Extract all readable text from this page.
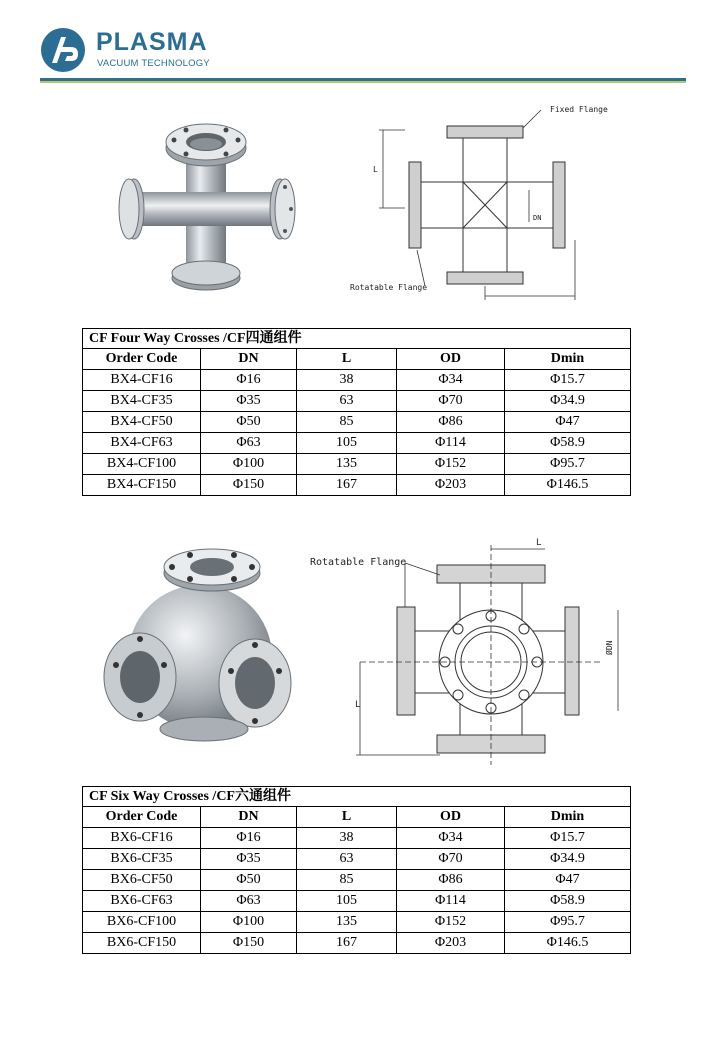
PLASMA
VACUUM TECHNOLOGY
Fixed Flange
Rotatable Flange
L
DN
CF Four Way Crosses /CF四通组件				
Order Code	DN	L	OD	Dmin
BX4-CF16	Φ16	38	Φ34	Φ15.7
BX4-CF35	Φ35	63	Φ70	Φ34.9
BX4-CF50	Φ50	85	Φ86	Φ47
BX4-CF63	Φ63	105	Φ114	Φ58.9
BX4-CF100	Φ100	135	Φ152	Φ95.7
BX4-CF150	Φ150	167	Φ203	Φ146.5
Rotatable Flange
L
L
ØDN
CF Six Way Crosses /CF六通组件				
Order Code	DN	L	OD	Dmin
BX6-CF16	Φ16	38	Φ34	Φ15.7
BX6-CF35	Φ35	63	Φ70	Φ34.9
BX6-CF50	Φ50	85	Φ86	Φ47
BX6-CF63	Φ63	105	Φ114	Φ58.9
BX6-CF100	Φ100	135	Φ152	Φ95.7
BX6-CF150	Φ150	167	Φ203	Φ146.5
